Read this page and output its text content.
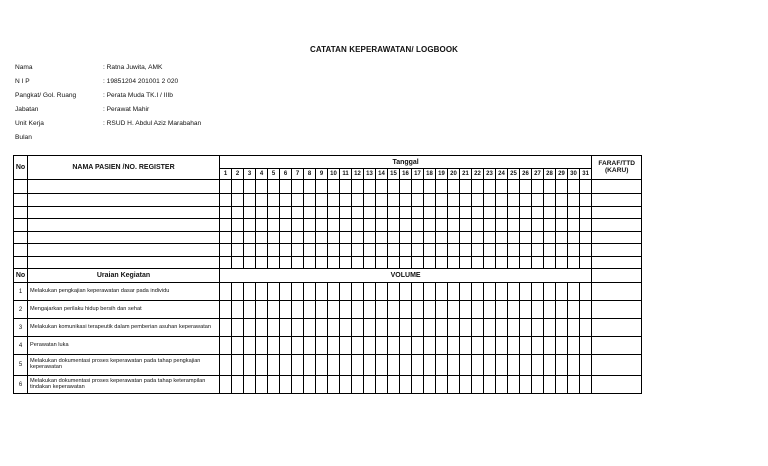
CATATAN KEPERAWATAN/ LOGBOOK
Nama	: Ratna Juwita, AMK
N I P	: 19851204 201001 2 020
Pangkat/ Gol. Ruang	: Perata Muda TK.I / IIIb
Jabatan	: Perawat Mahir
Unit Kerja	: RSUD H. Abdul Aziz Marabahan
Bulan
No	NAMA PASIEN /NO. REGISTER	Tanggal																															FARAF/TTD
(KARU)

		1	2	3	4	5	6	7	8	9	10	11	12	13	14	15	16	17	18	19	20	21	22	23	24	25	26	27	28	29	30	31	

No	Uraian Kegiatan	VOLUME																															
1	Melakukan pengkajian keperawatan dasar pada individu																																
2	Mengajarkan perilaku hidup bersih dan sehat																																
3	Melakukan komunikasi terapeutik dalam pemberian asuhan keperawatan																																
4	Perawatan luka																																
5	Melakukan dokumentasi proses keperawatan pada tahap pengkajian keperawatan																																
6	Melakukan dokumentasi proses keperawatan pada tahap keterampilan tindakan keperawatan																																
